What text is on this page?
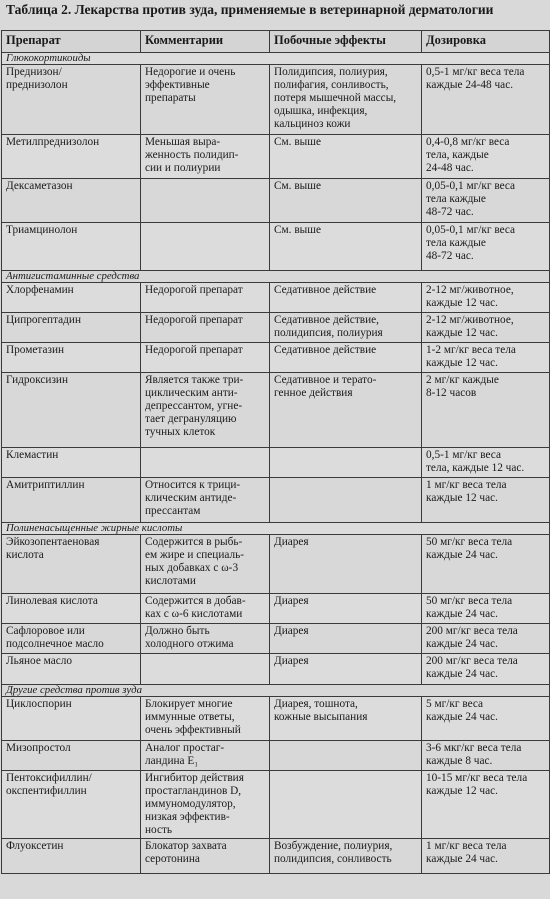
Таблица 2. Лекарства против зуда, применяемые в ветеринарной дерматологии
Препарат	Комментарии	Побочные эффекты	Дозировка
Глюкокортикоиды			

Преднизон/
преднизолон	Недорогие и очень
эффективные
препараты	Полидипсия, полиурия,
полифагия, сонливость,
потеря мышечной массы,
одышка, инфекция,
кальциноз кожи	0,5-1 мг/кг веса тела
каждые 24-48 час.

Метилпреднизолон	Меньшая выра-
женность полидип-
сии и полиурии	См. выше	0,4-0,8 мг/кг веса
тела, каждые
24-48 час.

Дексаметазон		См. выше	0,05-0,1 мг/кг веса
тела каждые
48-72 час.

Триамцинолон		См. выше	0,05-0,1 мг/кг веса
тела каждые
48-72 час.

Антигистаминные средства			

Хлорфенамин	Недорогой препарат	Седативное действие	2-12 мг/животное,
каждые 12 час.

Ципрогептадин	Недорогой препарат	Седативное действие,
полидипсия, полиурия	2-12 мг/животное,
каждые 12 час.

Прометазин	Недорогой препарат	Седативное действие	1-2 мг/кг веса тела
каждые 12 час.

Гидроксизин	Является также три-
циклическим анти-
депрессантом, угне-
тает дегрануляцию
тучных клеток	Седативное и терато-
генное действия	2 мг/кг каждые
8-12 часов

Клемастин			0,5-1 мг/кг веса
тела, каждые 12 час.

Амитриптиллин	Относится к трици-
клическим антиде-
прессантам		1 мг/кг веса тела
каждые 12 час.

Полиненасыщенные жирные кислоты			

Эйкозопентаеновая
кислота	Содержится в рыбь-
ем жире и специаль-
ных добавках с ω-3
кислотами	Диарея	50 мг/кг веса тела
каждые 24 час.

Линолевая кислота	Содержится в добав-
ках с ω-6 кислотами	Диарея	50 мг/кг веса тела
каждые 24 час.

Сафлоровое или
подсолнечное масло	Должно быть
холодного отжима	Диарея	200 мг/кг веса тела
каждые 24 час.

Льяное масло		Диарея	200 мг/кг веса тела
каждые 24 час.

Другие средства против зуда			

Циклоспорин	Блокирует многие
иммунные ответы,
очень эффективный	Диарея, тошнота,
кожные высыпания	5 мг/кг веса
каждые 24 час.

Мизопростол	Аналог простаг-
ландина E₁		3-6 мкг/кг веса тела
каждые 8 час.

Пентоксифиллин/
окспентифиллин	Ингибитор действия
простагландинов D,
иммуномодулятор,
низкая эффектив-
ность		10-15 мг/кг веса тела
каждые 12 час.

Флуоксетин	Блокатор захвата
серотонина	Возбуждение, полиурия,
полидипсия, сонливость	1 мг/кг веса тела
каждые 24 час.
